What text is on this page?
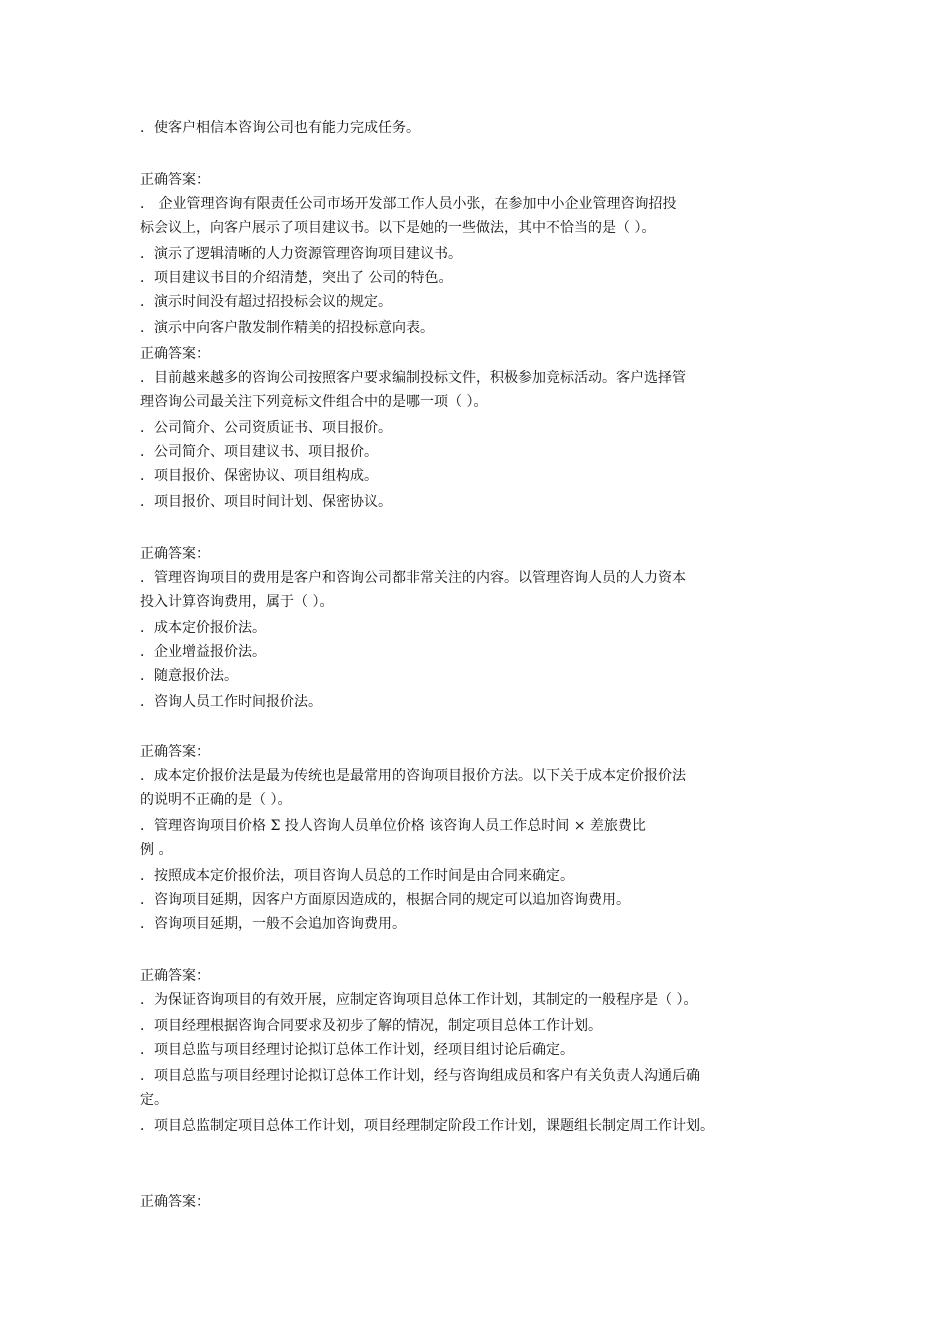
．使客户相信本咨询公司也有能力完成任务。
正确答案：
． 企业管理咨询有限责任公司市场开发部工作人员小张，在参加中小企业管理咨询招投
标会议上，向客户展示了项目建议书。以下是她的一些做法，其中不恰当的是（ ）。
．演示了逻辑清晰的人力资源管理咨询项目建议书。
．项目建议书目的介绍清楚，突出了 公司的特色。
．演示时间没有超过招投标会议的规定。
．演示中向客户散发制作精美的招投标意向表。
正确答案：
．目前越来越多的咨询公司按照客户要求编制投标文件，积极参加竞标活动。客户选择管
理咨询公司最关注下列竞标文件组合中的是哪一项（ ）。
．公司简介、公司资质证书、项目报价。
．公司简介、项目建议书、项目报价。
．项目报价、保密协议、项目组构成。
．项目报价、项目时间计划、保密协议。
正确答案：
．管理咨询项目的费用是客户和咨询公司都非常关注的内容。以管理咨询人员的人力资本
投入计算咨询费用，属于（ ）。
．成本定价报价法。
．企业增益报价法。
．随意报价法。
．咨询人员工作时间报价法。
正确答案：
．成本定价报价法是最为传统也是最常用的咨询项目报价方法。以下关于成本定价报价法
的说明不正确的是（ ）。
．管理咨询项目价格 Σ 投人咨询人员单位价格 该咨询人员工作总时间 × 差旅费比
例 。
．按照成本定价报价法，项目咨询人员总的工作时间是由合同来确定。
．咨询项目延期，因客户方面原因造成的，根据合同的规定可以追加咨询费用。
．咨询项目延期，一般不会追加咨询费用。
正确答案：
．为保证咨询项目的有效开展，应制定咨询项目总体工作计划，其制定的一般程序是（ ）。
．项目经理根据咨询合同要求及初步了解的情况，制定项目总体工作计划。
．项目总监与项目经理讨论拟订总体工作计划，经项目组讨论后确定。
．项目总监与项目经理讨论拟订总体工作计划，经与咨询组成员和客户有关负责人沟通后确
定。
．项目总监制定项目总体工作计划，项目经理制定阶段工作计划，课题组长制定周工作计划。
正确答案：
